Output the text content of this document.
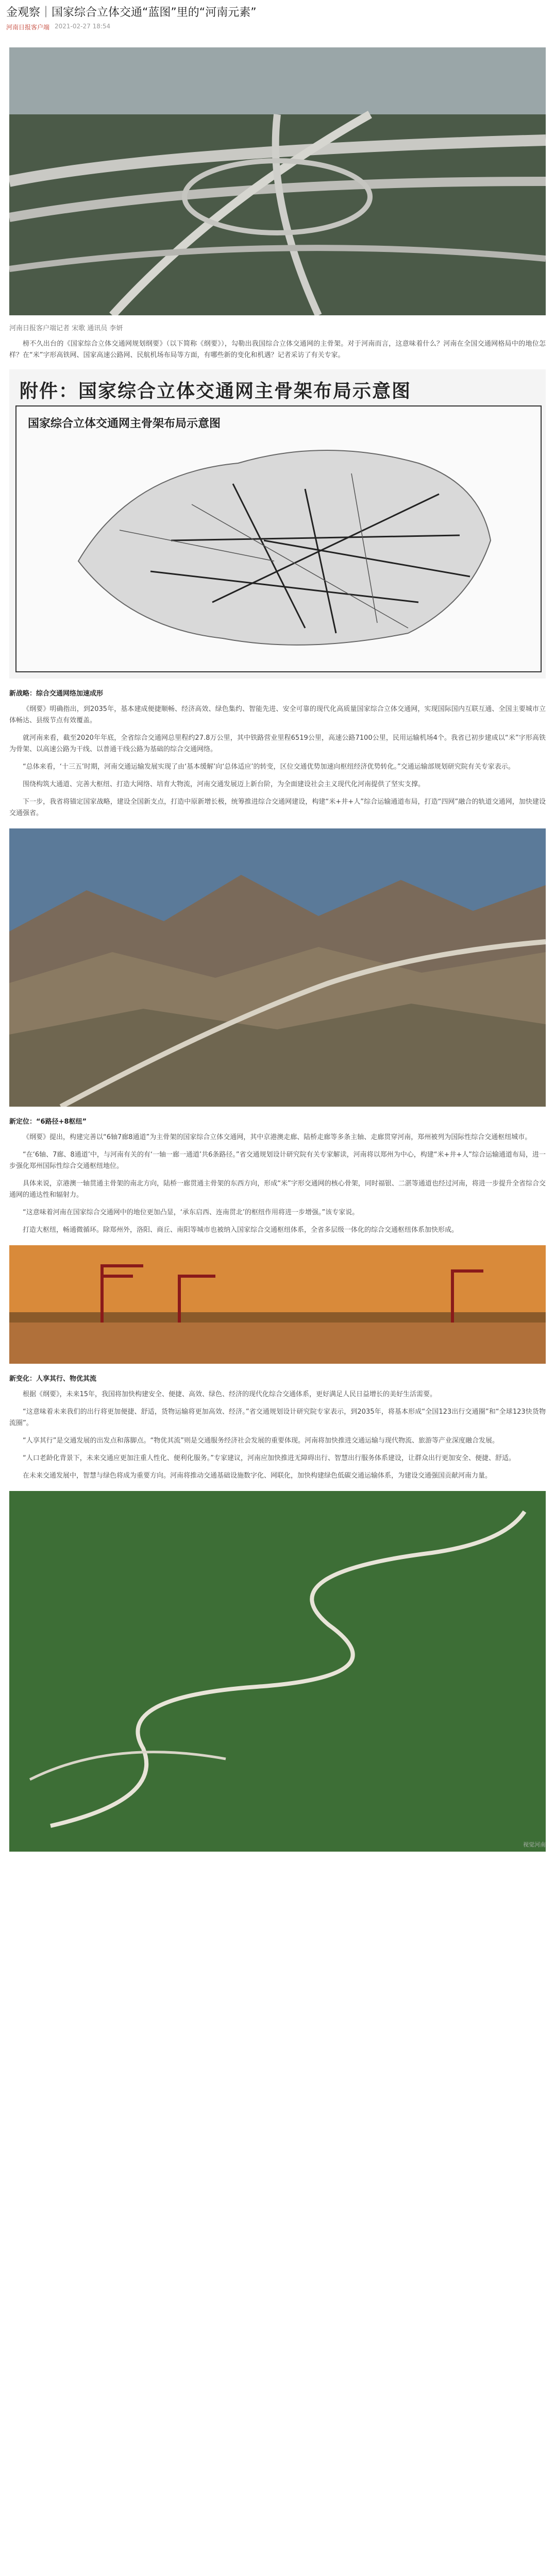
金观察｜国家综合立体交通“蓝图”里的“河南元素”
河南日报客户端 2021-02-27 18:54

河南日报客户端记者 宋歌 通讯员 李妍

榜不久出台的《国家综合立体交通网规划纲要》（以下简称《纲要》），勾勒出我国综合立体交通网的主骨架。对于河南而言，这意味着什么？河南在全国交通网格局中的地位怎样？在“米”字形高铁网、国家高速公路网、民航机场布局等方面，有哪些新的变化和机遇？记者采访了有关专家。

附件：国家综合立体交通网主骨架布局示意图
国家综合立体交通网主骨架布局示意图

新战略：综合交通网络加速成形

《纲要》明确指出，到2035年，基本建成便捷顺畅、经济高效、绿色集约、智能先进、安全可靠的现代化高质量国家综合立体交通网，实现国际国内互联互通、全国主要城市立体畅达、县级节点有效覆盖。

就河南来看，截至2020年年底，全省综合交通网总里程约27.8万公里，其中铁路营业里程6519公里，高速公路7100公里，民用运输机场4个。我省已初步建成以“米”字形高铁为骨架、以高速公路为干线、以普通干线公路为基础的综合交通网络。

“总体来看，‘十三五’时期，河南交通运输发展实现了由‘基本缓解’向‘总体适应’的转变，区位交通优势加速向枢纽经济优势转化。”交通运输部规划研究院有关专家表示。

围绕构筑大通道、完善大枢纽、打造大网络、培育大物流，河南交通发展迈上新台阶，为全面建设社会主义现代化河南提供了坚实支撑。

下一步，我省将锚定国家战略，建设全国新支点，打造中原新增长极，统筹推进综合交通网建设，构建“米+井+人”综合运输通道布局，打造“四网”融合的轨道交通网，加快建设交通强省。

新定位：“6路径+8枢纽”

《纲要》提出，构建完善以“6轴7廊8通道”为主骨架的国家综合立体交通网，其中京港澳走廊、陆桥走廊等多条主轴、走廊贯穿河南，郑州被列为国际性综合交通枢纽城市。

“在‘6轴、7廊、8通道’中，与河南有关的有‘一轴一廊一通道’共6条路径。”省交通规划设计研究院有关专家解读，河南将以郑州为中心，构建“米+井+人”综合运输通道布局，进一步强化郑州国际性综合交通枢纽地位。

具体来说，京港澳一轴贯通主骨架的南北方向，陆桥一廊贯通主骨架的东西方向，形成“米”字形交通网的核心骨架，同时福银、二湛等通道也经过河南，将进一步提升全省综合交通网的通达性和辐射力。

“这意味着河南在国家综合交通网中的地位更加凸显，‘承东启西、连南贯北’的枢纽作用将进一步增强。”该专家说。

打造大枢纽，畅通微循环。除郑州外，洛阳、商丘、南阳等城市也被纳入国家综合交通枢纽体系，全省多层级一体化的综合交通枢纽体系加快形成。

新变化：人享其行、物优其流

根据《纲要》，未来15年，我国将加快构建安全、便捷、高效、绿色、经济的现代化综合交通体系，更好满足人民日益增长的美好生活需要。

“这意味着未来我们的出行将更加便捷、舒适，货物运输将更加高效、经济。”省交通规划设计研究院专家表示，到2035年，将基本形成“全国123出行交通圈”和“全球123快货物流圈”。

“人享其行”是交通发展的出发点和落脚点。“物优其流”则是交通服务经济社会发展的重要体现。河南将加快推进交通运输与现代物流、旅游等产业深度融合发展。

“人口老龄化背景下，未来交通应更加注重人性化、便利化服务。”专家建议，河南应加快推进无障碍出行、智慧出行服务体系建设，让群众出行更加安全、便捷、舒适。

在未来交通发展中，智慧与绿色将成为重要方向。河南将推动交通基础设施数字化、网联化，加快构建绿色低碳交通运输体系，为建设交通强国贡献河南力量。

视觉河南
